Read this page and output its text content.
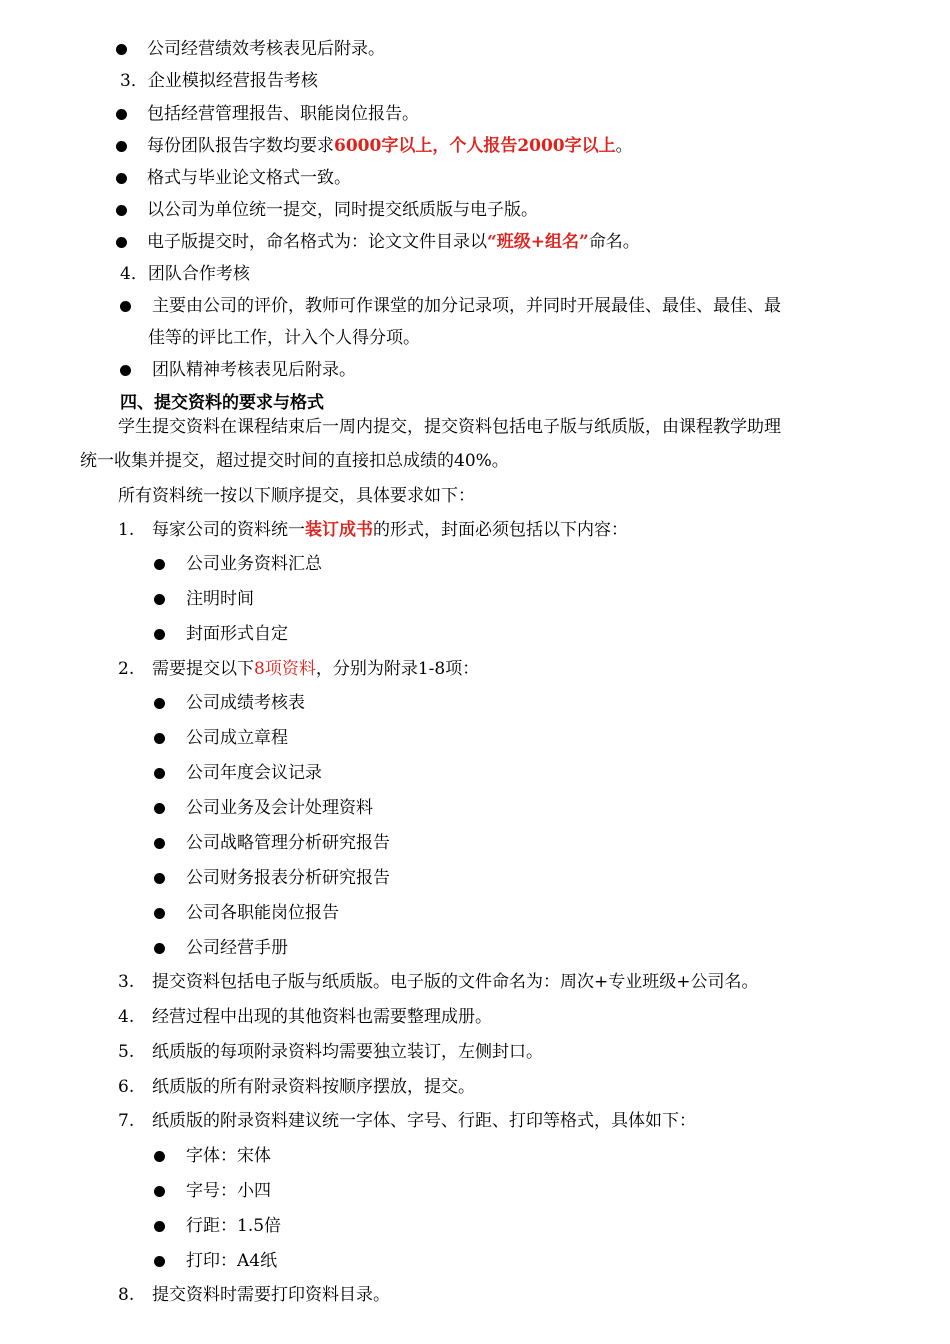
公司经营绩效考核表见后附录。
3．企业模拟经营报告考核
包括经营管理报告、职能岗位报告。
每份团队报告字数均要求6000字以上，个人报告2000字以上。
格式与毕业论文格式一致。
以公司为单位统一提交，同时提交纸质版与电子版。
电子版提交时，命名格式为：论文文件目录以“班级+组名”命名。
4．团队合作考核
主要由公司的评价，教师可作课堂的加分记录项，并同时开展最佳、最佳、最佳、最
佳等的评比工作，计入个人得分项。
团队精神考核表见后附录。
四、提交资料的要求与格式
学生提交资料在课程结束后一周内提交，提交资料包括电子版与纸质版，由课程教学助理
统一收集并提交，超过提交时间的直接扣总成绩的40%。
所有资料统一按以下顺序提交，具体要求如下：
1. 每家公司的资料统一装订成书的形式，封面必须包括以下内容：
公司业务资料汇总
注明时间
封面形式自定
2. 需要提交以下8项资料，分别为附录1-8项：
公司成绩考核表
公司成立章程
公司年度会议记录
公司业务及会计处理资料
公司战略管理分析研究报告
公司财务报表分析研究报告
公司各职能岗位报告
公司经营手册
3. 提交资料包括电子版与纸质版。电子版的文件命名为：周次+专业班级+公司名。
4. 经营过程中出现的其他资料也需要整理成册。
5. 纸质版的每项附录资料均需要独立装订，左侧封口。
6. 纸质版的所有附录资料按顺序摆放，提交。
7. 纸质版的附录资料建议统一字体、字号、行距、打印等格式，具体如下：
字体：宋体
字号：小四
行距：1.5倍
打印：A4纸
8. 提交资料时需要打印资料目录。
